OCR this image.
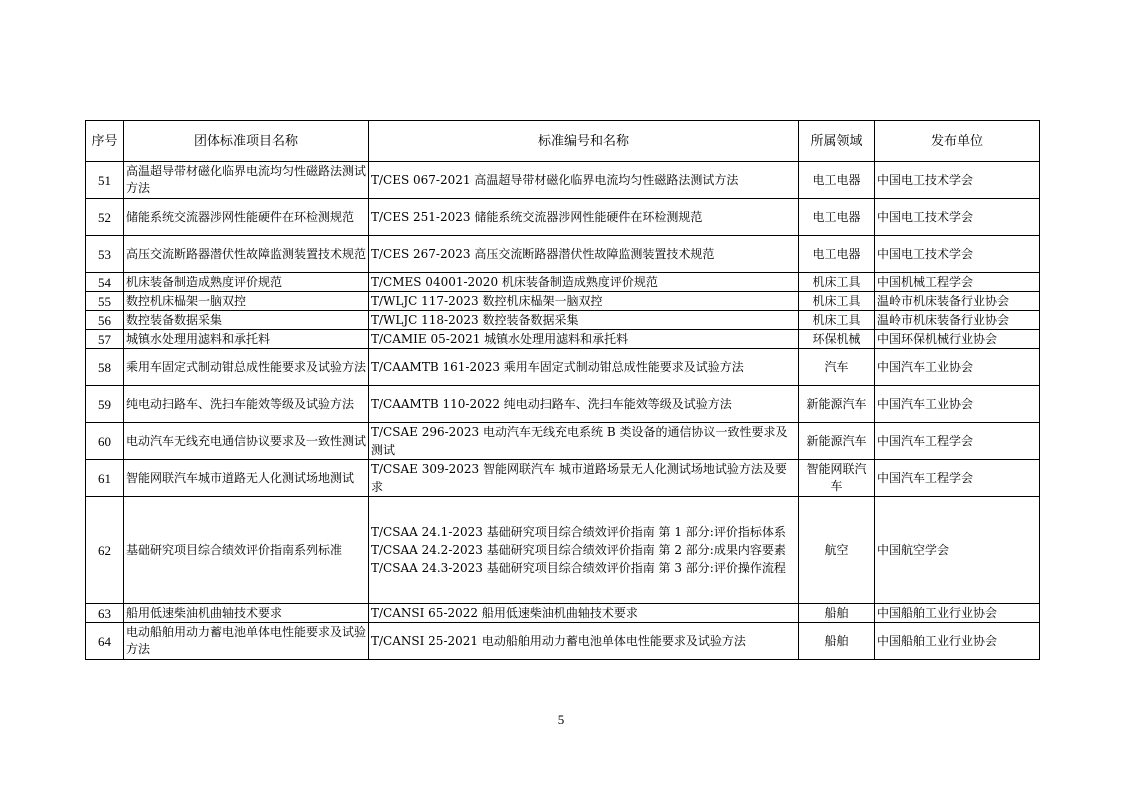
序号	团体标准项目名称	标准编号和名称	所属领域	发布单位
51	高温超导带材磁化临界电流均匀性磁路法测试方法	T/CES 067-2021 高温超导带材磁化临界电流均匀性磁路法测试方法	电工电器	中国电工技术学会
52	储能系统交流器涉网性能硬件在环检测规范	T/CES 251-2023 储能系统交流器涉网性能硬件在环检测规范	电工电器	中国电工技术学会
53	高压交流断路器潜伏性故障监测装置技术规范	T/CES 267-2023 高压交流断路器潜伏性故障监测装置技术规范	电工电器	中国电工技术学会
54	机床装备制造成熟度评价规范	T/CMES 04001-2020 机床装备制造成熟度评价规范	机床工具	中国机械工程学会
55	数控机床榀架一脑双控	T/WLJC 117-2023 数控机床榀架一脑双控	机床工具	温岭市机床装备行业协会
56	数控装备数据采集	T/WLJC 118-2023 数控装备数据采集	机床工具	温岭市机床装备行业协会
57	城镇水处理用滤料和承托料	T/CAMIE 05-2021 城镇水处理用滤料和承托料	环保机械	中国环保机械行业协会
58	乘用车固定式制动钳总成性能要求及试验方法	T/CAAMTB 161-2023 乘用车固定式制动钳总成性能要求及试验方法	汽车	中国汽车工业协会
59	纯电动扫路车、洗扫车能效等级及试验方法	T/CAAMTB 110-2022 纯电动扫路车、洗扫车能效等级及试验方法	新能源汽车	中国汽车工业协会
60	电动汽车无线充电通信协议要求及一致性测试	T/CSAE 296-2023 电动汽车无线充电系统 B 类设备的通信协议一致性要求及测试	新能源汽车	中国汽车工程学会
61	智能网联汽车城市道路无人化测试场地测试	T/CSAE 309-2023 智能网联汽车 城市道路场景无人化测试场地试验方法及要求	智能网联汽车	中国汽车工程学会
62	基础研究项目综合绩效评价指南系列标准	T/CSAA 24.1-2023 基础研究项目综合绩效评价指南 第 1 部分:评价指标体系
T/CSAA 24.2-2023 基础研究项目综合绩效评价指南 第 2 部分:成果内容要素
T/CSAA 24.3-2023 基础研究项目综合绩效评价指南 第 3 部分:评价操作流程	航空	中国航空学会
63	船用低速柴油机曲轴技术要求	T/CANSI 65-2022 船用低速柴油机曲轴技术要求	船舶	中国船舶工业行业协会
64	电动船舶用动力蓄电池单体电性能要求及试验方法	T/CANSI 25-2021 电动船舶用动力蓄电池单体电性能要求及试验方法	船舶	中国船舶工业行业协会
5
